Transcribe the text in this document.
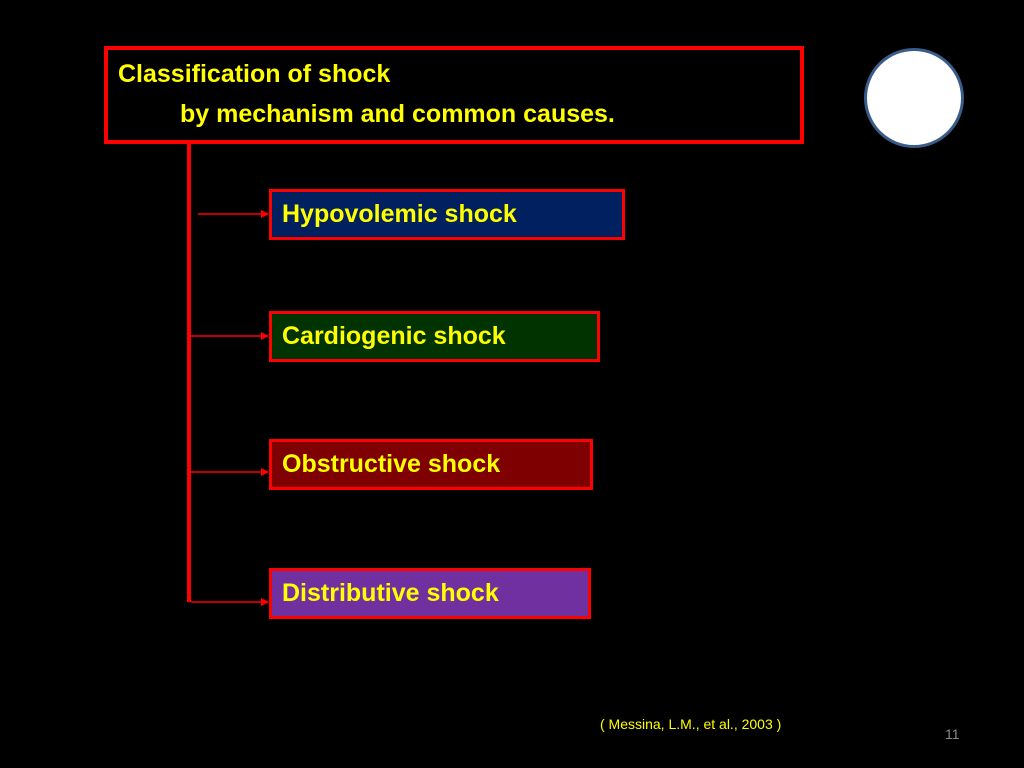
Classification of shock
by mechanism and common causes.
Hypovolemic shock
Cardiogenic shock
Obstructive shock
Distributive shock
( Messina, L.M., et al., 2003 )
11
